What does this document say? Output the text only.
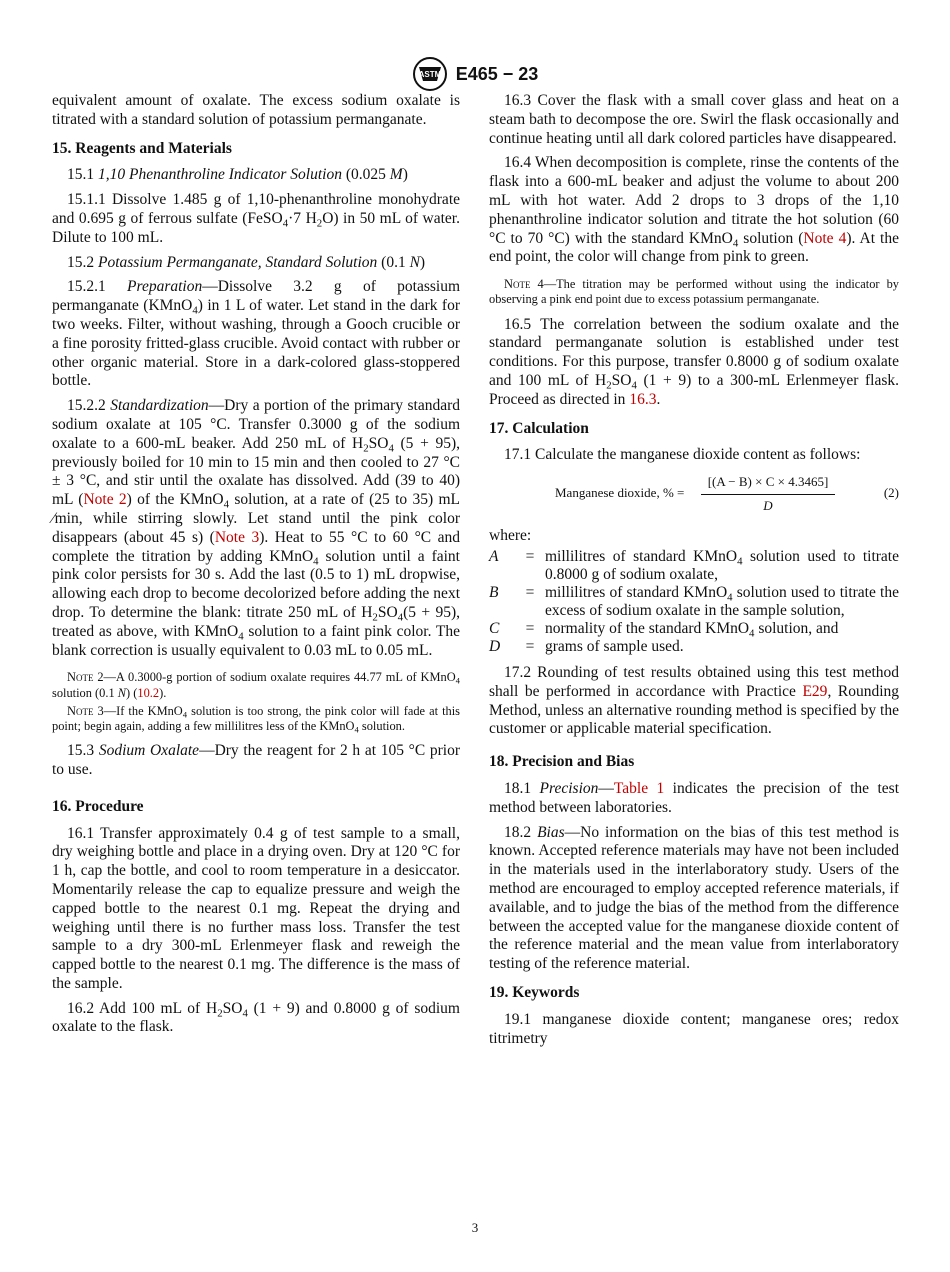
ASTM E465 − 23

equivalent amount of oxalate. The excess sodium oxalate is titrated with a standard solution of potassium permanganate.

15. Reagents and Materials

15.1 1,10 Phenanthroline Indicator Solution (0.025 M)

15.1.1 Dissolve 1.485 g of 1,10-phenanthroline monohydrate and 0.695 g of ferrous sulfate (FeSO$_4$·7 $H_2O$) in 50 mL of water. Dilute to 100 mL.

15.2 Potassium Permanganate, Standard Solution (0.1 N)

15.2.1 Preparation—Dissolve 3.2 g of potassium permanganate (KMnO$_4$) in 1 L of water. Let stand in the dark for two weeks. Filter, without washing, through a Gooch crucible or a fine porosity fritted-glass crucible. Avoid contact with rubber or other organic material. Store in a dark-colored glass-stoppered bottle.

15.2.2 Standardization—Dry a portion of the primary standard sodium oxalate at 105 °C. Transfer 0.3000 g of the sodium oxalate to a 600-mL beaker. Add 250 mL of $H_2SO_4$ (5 + 95), previously boiled for 10 min to 15 min and then cooled to 27 °C ± 3 °C, and stir until the oxalate has dissolved. Add (39 to 40) mL (Note 2) of the KMnO$_4$ solution, at a rate of (25 to 35) mL ⁄min, while stirring slowly. Let stand until the pink color disappears (about 45 s) (Note 3). Heat to 55 °C to 60 °C and complete the titration by adding KMnO$_4$ solution until a faint pink color persists for 30 s. Add the last (0.5 to 1) mL dropwise, allowing each drop to become decolorized before adding the next drop. To determine the blank: titrate 250 mL of $H_2SO_4(5 + 95)$, treated as above, with KMnO$_4$ solution to a faint pink color. The blank correction is usually equivalent to 0.03 mL to 0.05 mL.

Note 2—A 0.3000-g portion of sodium oxalate requires 44.77 mL of KMnO$_4$ solution (0.1 N) (10.2).

Note 3—If the KMnO$_4$ solution is too strong, the pink color will fade at this point; begin again, adding a few millilitres less of the KMnO$_4$ solution.

15.3 Sodium Oxalate—Dry the reagent for 2 h at 105 °C prior to use.

16. Procedure

16.1 Transfer approximately 0.4 g of test sample to a small, dry weighing bottle and place in a drying oven. Dry at 120 °C for 1 h, cap the bottle, and cool to room temperature in a desiccator. Momentarily release the cap to equalize pressure and weigh the capped bottle to the nearest 0.1 mg. Repeat the drying and weighing until there is no further mass loss. Transfer the test sample to a dry 300-mL Erlenmeyer flask and reweigh the capped bottle to the nearest 0.1 mg. The difference is the mass of the sample.

16.2 Add 100 mL of $H_2SO_4$ (1 + 9) and 0.8000 g of sodium oxalate to the flask.

16.3 Cover the flask with a small cover glass and heat on a steam bath to decompose the ore. Swirl the flask occasionally and continue heating until all dark colored particles have disappeared.

16.4 When decomposition is complete, rinse the contents of the flask into a 600-mL beaker and adjust the volume to about 200 mL with hot water. Add 2 drops to 3 drops of the 1,10 phenanthroline indicator solution and titrate the hot solution (60 °C to 70 °C) with the standard KMnO$_4$ solution (Note 4). At the end point, the color will change from pink to green.

Note 4—The titration may be performed without using the indicator by observing a pink end point due to excess potassium permanganate.

16.5 The correlation between the sodium oxalate and the standard permanganate solution is established under test conditions. For this purpose, transfer 0.8000 g of sodium oxalate and 100 mL of $H_2SO_4$ (1 + 9) to a 300-mL Erlenmeyer flask. Proceed as directed in 16.3.

17. Calculation

17.1 Calculate the manganese dioxide content as follows:

Manganese dioxide, % = $\frac{[(A - B) \times C \times 4.3465]}{D}$	(2)

where:

A	=	millilitres of standard KMnO$_4$ solution used to titrate 0.8000 g of sodium oxalate,
B	=	millilitres of standard KMnO$_4$ solution used to titrate the excess of sodium oxalate in the sample solution,
C	=	normality of the standard KMnO$_4$ solution, and
D	=	grams of sample used.

17.2 Rounding of test results obtained using this test method shall be performed in accordance with Practice E29, Rounding Method, unless an alternative rounding method is specified by the customer or applicable material specification.

18. Precision and Bias

18.1 Precision—Table 1 indicates the precision of the test method between laboratories.

18.2 Bias—No information on the bias of this test method is known. Accepted reference materials may have not been included in the materials used in the interlaboratory study. Users of the method are encouraged to employ accepted reference materials, if available, and to judge the bias of the method from the difference between the accepted value for the manganese dioxide content of the reference material and the mean value from interlaboratory testing of the reference material.

19. Keywords

19.1 manganese dioxide content; manganese ores; redox titrimetry

3
